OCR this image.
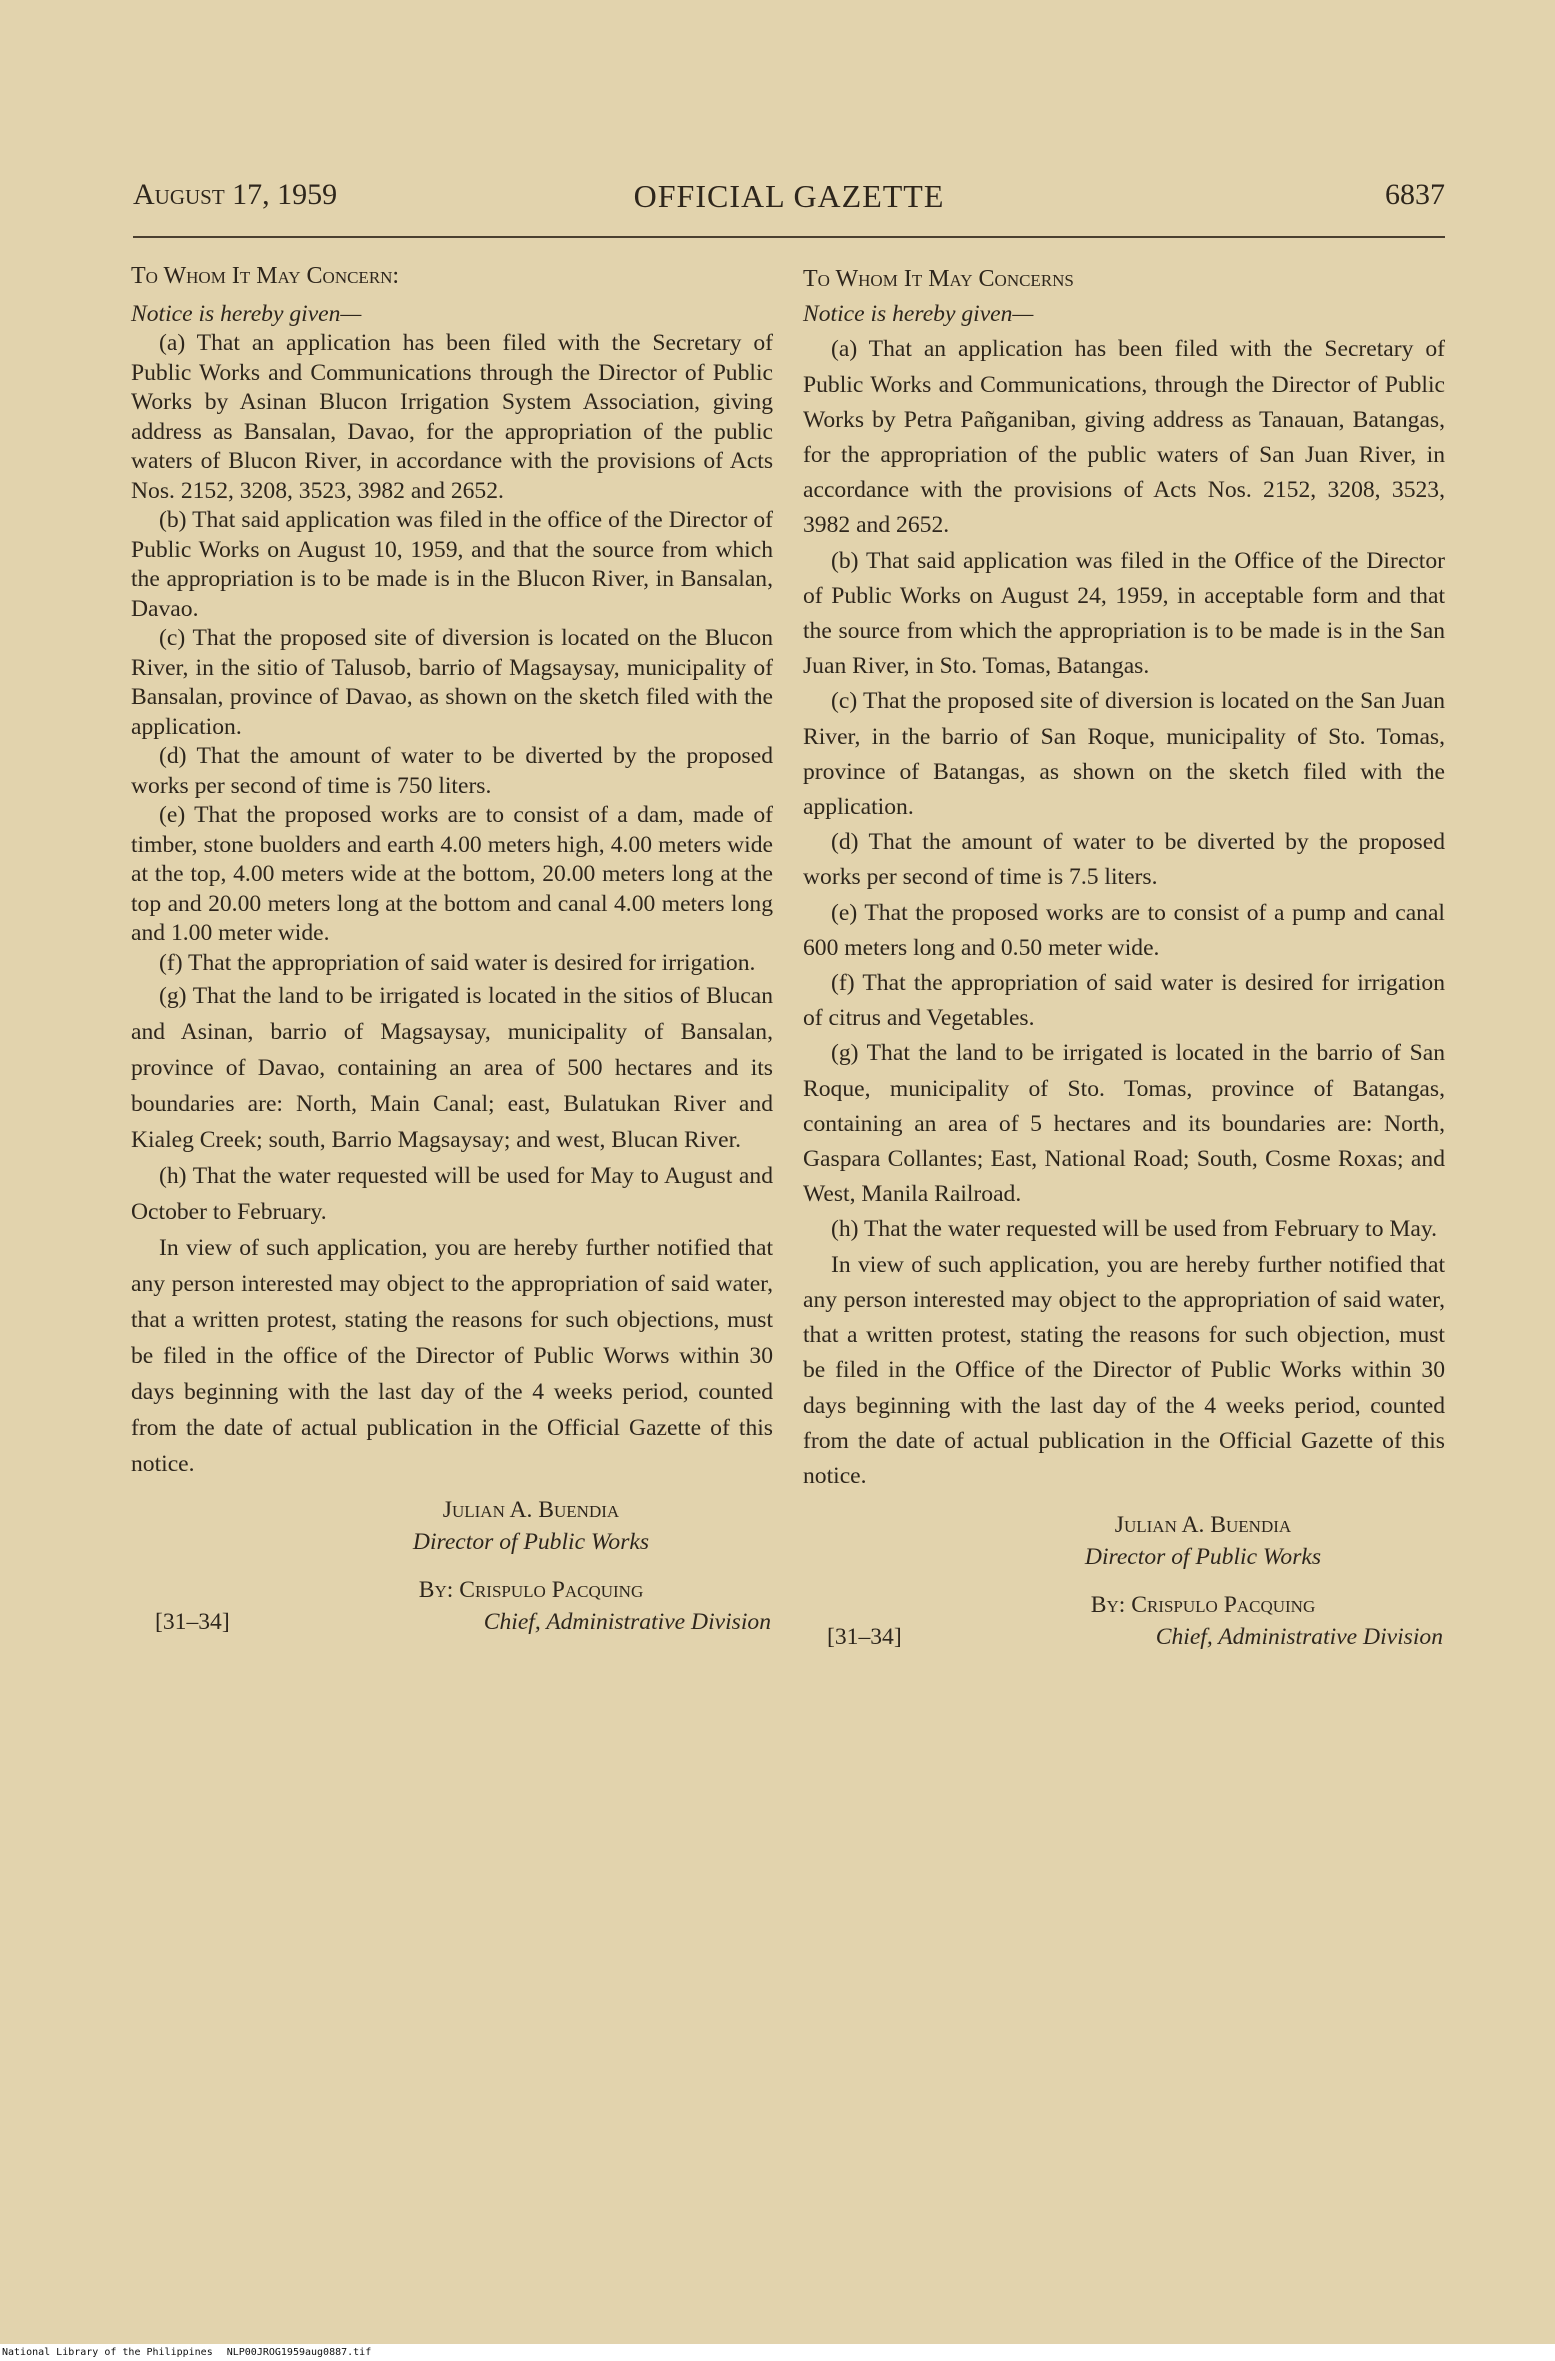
August 17, 1959	OFFICIAL GAZETTE	6837

To Whom It May Concern:

Notice is hereby given—

(a) That an application has been filed with the Secretary of Public Works and Communications through the Director of Public Works by Asinan Blucon Irrigation System Association, giving address as Bansalan, Davao, for the appropriation of the public waters of Blucon River, in accordance with the provisions of Acts Nos. 2152, 3208, 3523, 3982 and 2652.

(b) That said application was filed in the office of the Director of Public Works on August 10, 1959, and that the source from which the appropriation is to be made is in the Blucon River, in Bansalan, Davao.

(c) That the proposed site of diversion is located on the Blucon River, in the sitio of Talusob, barrio of Magsaysay, municipality of Bansalan, province of Davao, as shown on the sketch filed with the application.

(d) That the amount of water to be diverted by the proposed works per second of time is 750 liters.

(e) That the proposed works are to consist of a dam, made of timber, stone buolders and earth 4.00 meters high, 4.00 meters wide at the top, 4.00 meters wide at the bottom, 20.00 meters long at the top and 20.00 meters long at the bottom and canal 4.00 meters long and 1.00 meter wide.

(f) That the appropriation of said water is desired for irrigation.

(g) That the land to be irrigated is located in the sitios of Blucan and Asinan, barrio of Magsaysay, municipality of Bansalan, province of Davao, containing an area of 500 hectares and its boundaries are: North, Main Canal; east, Bulatukan River and Kialeg Creek; south, Barrio Magsaysay; and west, Blucan River.

(h) That the water requested will be used for May to August and October to February.

In view of such application, you are hereby further notified that any person interested may object to the appropriation of said water, that a written protest, stating the reasons for such objections, must be filed in the office of the Director of Public Worws within 30 days beginning with the last day of the 4 weeks period, counted from the date of actual publication in the Official Gazette of this notice.

Julian A. Buendia
Director of Public Works
By: Crispulo Pacquing
[31–34]	Chief, Administrative Division

To Whom It May Concerns

Notice is hereby given—

(a) That an application has been filed with the Secretary of Public Works and Communications, through the Director of Public Works by Petra Pañganiban, giving address as Tanauan, Batangas, for the appropriation of the public waters of San Juan River, in accordance with the provisions of Acts Nos. 2152, 3208, 3523, 3982 and 2652.

(b) That said application was filed in the Office of the Director of Public Works on August 24, 1959, in acceptable form and that the source from which the appropriation is to be made is in the San Juan River, in Sto. Tomas, Batangas.

(c) That the proposed site of diversion is located on the San Juan River, in the barrio of San Roque, municipality of Sto. Tomas, province of Batangas, as shown on the sketch filed with the application.

(d) That the amount of water to be diverted by the proposed works per second of time is 7.5 liters.

(e) That the proposed works are to consist of a pump and canal 600 meters long and 0.50 meter wide.

(f) That the appropriation of said water is desired for irrigation of citrus and Vegetables.

(g) That the land to be irrigated is located in the barrio of San Roque, municipality of Sto. Tomas, province of Batangas, containing an area of 5 hectares and its boundaries are: North, Gaspara Collantes; East, National Road; South, Cosme Roxas; and West, Manila Railroad.

(h) That the water requested will be used from February to May.

In view of such application, you are hereby further notified that any person interested may object to the appropriation of said water, that a written protest, stating the reasons for such objection, must be filed in the Office of the Director of Public Works within 30 days beginning with the last day of the 4 weeks period, counted from the date of actual publication in the Official Gazette of this notice.

Julian A. Buendia
Director of Public Works
By: Crispulo Pacquing
[31–34]	Chief, Administrative Division
National Library of the Philippines NLP00JROG1959aug0887.tif
